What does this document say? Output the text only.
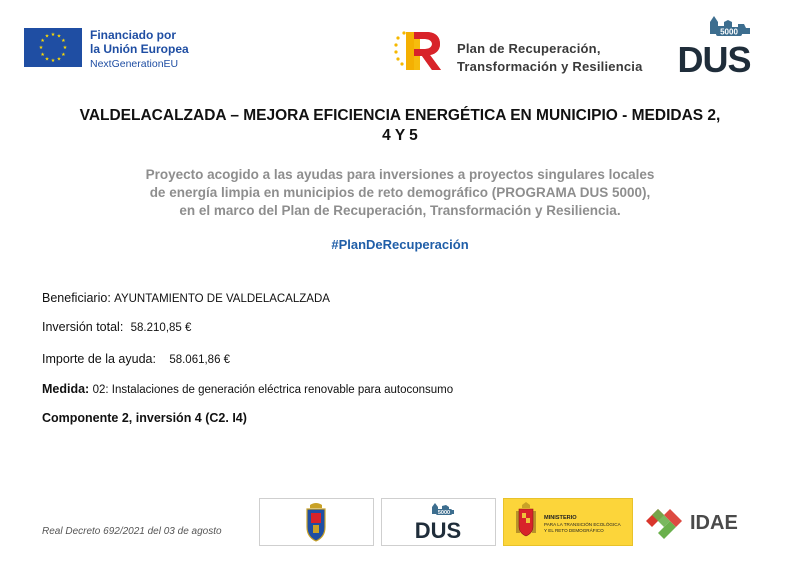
★ ★
★
★
★
★
★
★
★
★
★
★	Financiado por
la Unión Europea
NextGenerationEU
Plan de Recuperación,
Transformación y Resiliencia
5000
DUS
VALDELACALZADA – MEJORA EFICIENCIA ENERGÉTICA EN MUNICIPIO - MEDIDAS 2,
4 Y 5
Proyecto acogido a las ayudas para inversiones a proyectos singulares locales
de energía limpia en municipios de reto demográfico (PROGRAMA DUS 5000),
en el marco del Plan de Recuperación, Transformación y Resiliencia.
#PlanDeRecuperación
Beneficiario: AYUNTAMIENTO DE VALDELACALZADA
Inversión total: 58.210,85 €
Importe de la ayuda: 58.061,86 €
Medida: 02: Instalaciones de generación eléctrica renovable para autoconsumo
Componente 2, inversión 4 (C2. I4)
Real Decreto 692/2021 del 03 de agosto
5000
DUS	MINISTERIO
PARA LA TRANSICIÓN ECOLÓGICA
Y EL RETO DEMOGRÁFICO	IDAE
